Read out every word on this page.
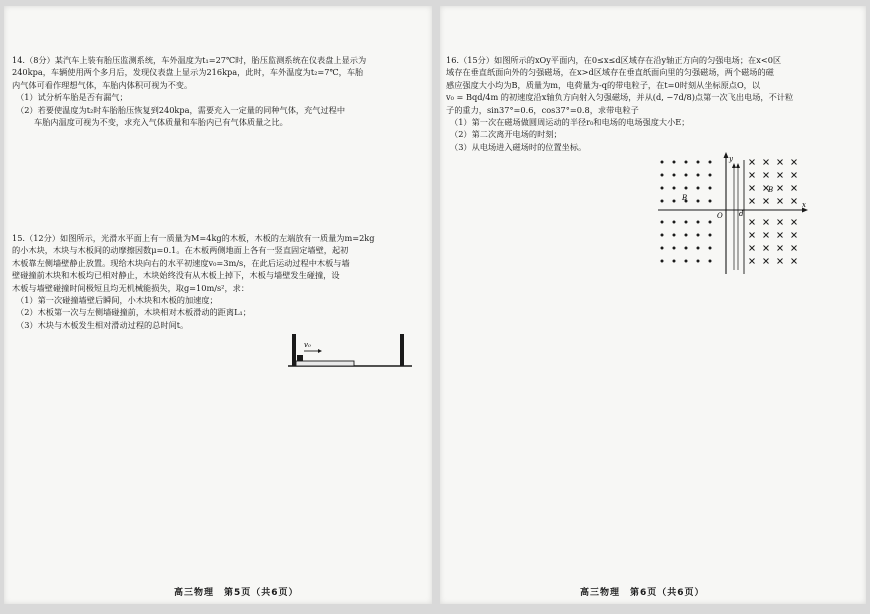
14.（8分）某汽车上装有胎压监测系统，车外温度为t₁=27℃时，胎压监测系统在仪表盘上显示为

240kpa，车辆使用两个多月后，发现仪表盘上显示为216kpa，此时，车外温度为t₂=7℃，车胎

内气体可看作理想气体，车胎内体积可视为不变。

（1）试分析车胎是否有漏气；

（2）若要使温度为t₂时车胎胎压恢复到240kpa，需要充入一定量的同种气体，充气过程中

车胎内温度可视为不变，求充入气体质量和车胎内已有气体质量之比。

15.（12分）如图所示，光滑水平面上有一质量为M=4kg的木板，木板的左端放有一质量为m=2kg

的小木块，木块与木板间的动摩擦因数μ=0.1。在木板两侧地面上各有一竖直固定墙壁，起初

木板靠左侧墙壁静止放置。现给木块向右的水平初速度v₀=3m/s，在此后运动过程中木板与墙

壁碰撞前木块和木板均已相对静止，木块始终没有从木板上掉下，木板与墙壁发生碰撞，设

木板与墙壁碰撞时间极短且均无机械能损失，取g=10m/s²，求：

（1）第一次碰撞墙壁后瞬间，小木块和木板的加速度；

（2）木板第一次与左侧墙碰撞前，木块相对木板滑动的距离L₁；

（3）木块与木板发生相对滑动过程的总时间t。

v₀
高三物理　第5页（共6页）

16.（15分）如图所示的xOy平面内，在0≤x≤d区域存在沿y轴正方向的匀强电场；在x<0区

域存在垂直纸面向外的匀强磁场，在x>d区域存在垂直纸面向里的匀强磁场，两个磁场的磁

感应强度大小均为B，质量为m，电荷量为-q的带电粒子，在t=0时刻从坐标原点O，以

v₀ = Bqd/4m 的初速度沿x轴负方向射入匀强磁场，并从(d, −7d/8)点第一次飞出电场，不计粒

子的重力，sin37°=0.6，cos37°=0.8，求带电粒子

（1）第一次在磁场做圆周运动的半径r₀和电场的电场强度大小E；

（2）第二次离开电场的时刻；

（3）从电场进入磁场时的位置坐标。

y
x
O d
B
B
高三物理　第6页（共6页）
